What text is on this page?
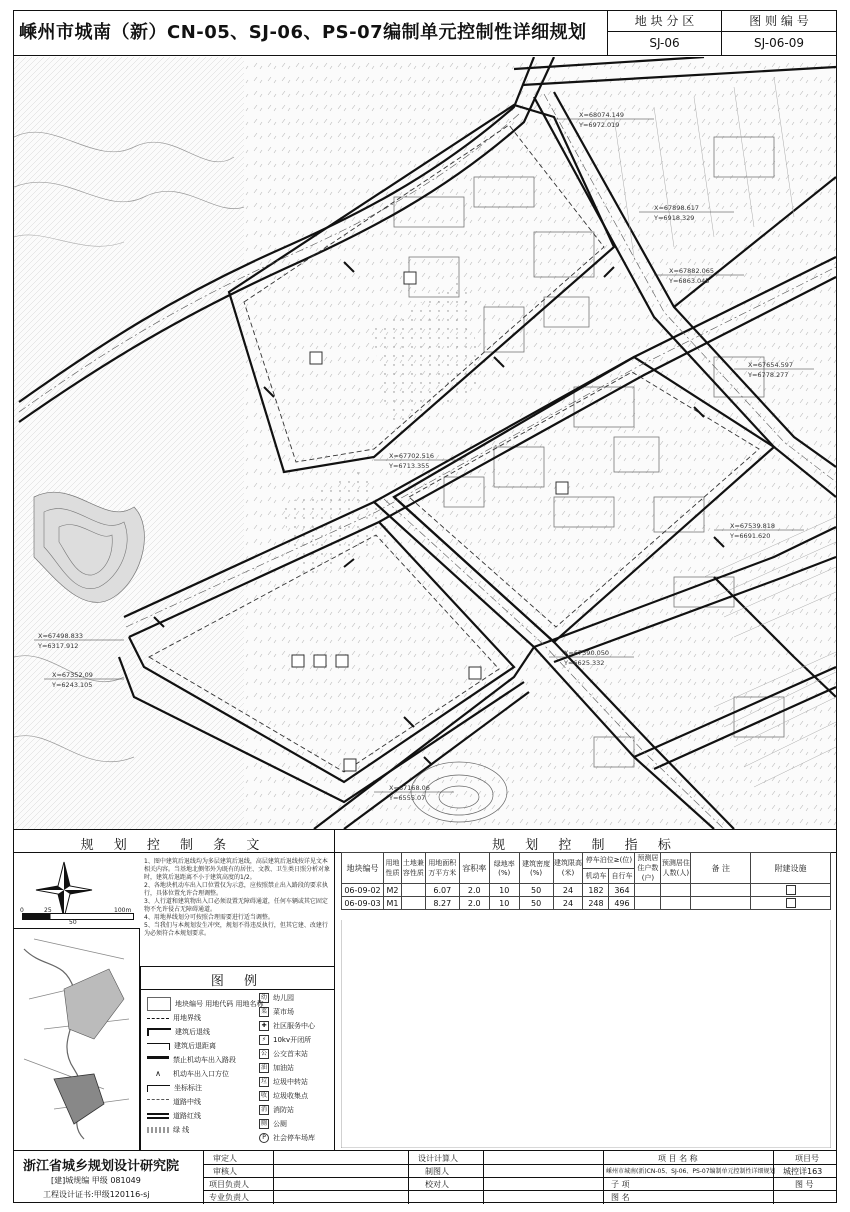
嵊州市城南（新）CN-05、SJ-06、PS-07编制单元控制性详细规划
地 块 分 区
SJ-06
图 则 编 号
SJ-06-09
X=68074.149
Y=6972.019
X=67898.617
Y=6918.329
X=67882.065
Y=6863.045
X=67654.597
Y=6778.277
X=67702.516
Y=6713.355
X=67539.818
Y=6691.620
X=67498.833
Y=6317.912
X=67352.09
Y=6243.105
X=67390.050
Y=6625.332
X=67168.06
Y=6555.07
规 划 控 制 条 文
0	25
50
100m
1、图中建筑后退线均为多层建筑后退线，高层建筑后退线按详见文本相关内容。当基地北侧邻外为既有的居住、文教、卫生类日照分析对象时，建筑后退距离不小于建筑高度的1/2。
2、各地块机动车出入口位置仅为示意，应按照禁止出入路段的要求执行，具体位置允许合理调整。
3、人行道和建筑物出入口必须设置无障碍通道，任何车辆或其它固定物不允许侵占无障碍通道。
4、用地界线划分可按照合理需要进行适当调整。
5、当我们与本规划发生冲突，规划不得违反执行，但其它建、改建行为必须符合本规划要求。
图 例
地块编号 用地代码 用地名称
用地界线
建筑后退线
建筑后退距离
禁止机动车出入路段
∧ 机动车出入口方位
坐标标注
道路中线
道路红线
绿 线
幼 幼儿园
菜 菜市场
✚ 社区服务中心
⚡ 10kv开闭所
公 公交首末站
油 加油站
垃 垃圾中转站
收 垃圾收集点
消 消防站
厕 公厕
P 社会停车场库
规 划 控 制 指 标
地块编号	用地性质	土地兼容性质	用地面积万平方米	容积率	绿地率(%)	建筑密度(%)	建筑限高(米)	停车泊位≥(位)		预测居住户数(户)	预测居住人数(人)	备 注	附建设施
								机动车	自行车				
06-09-02	M2		6.07	2.0	10	50	24	182	364				
06-09-03	M1		8.27	2.0	10	50	24	248	496				
浙江省城乡规划设计研究院
[建]城规编 甲级 081049
工程设计证书:甲级120116-sj
审定人
审核人
项目负责人
专业负责人
设计计算人
制图人
校对人
项 目 名 称
嵊州市城南(新)CN-05、SJ-06、PS-07编制单元控制性详细规划
项目号
城控详163
子 项	图 号
图 名
